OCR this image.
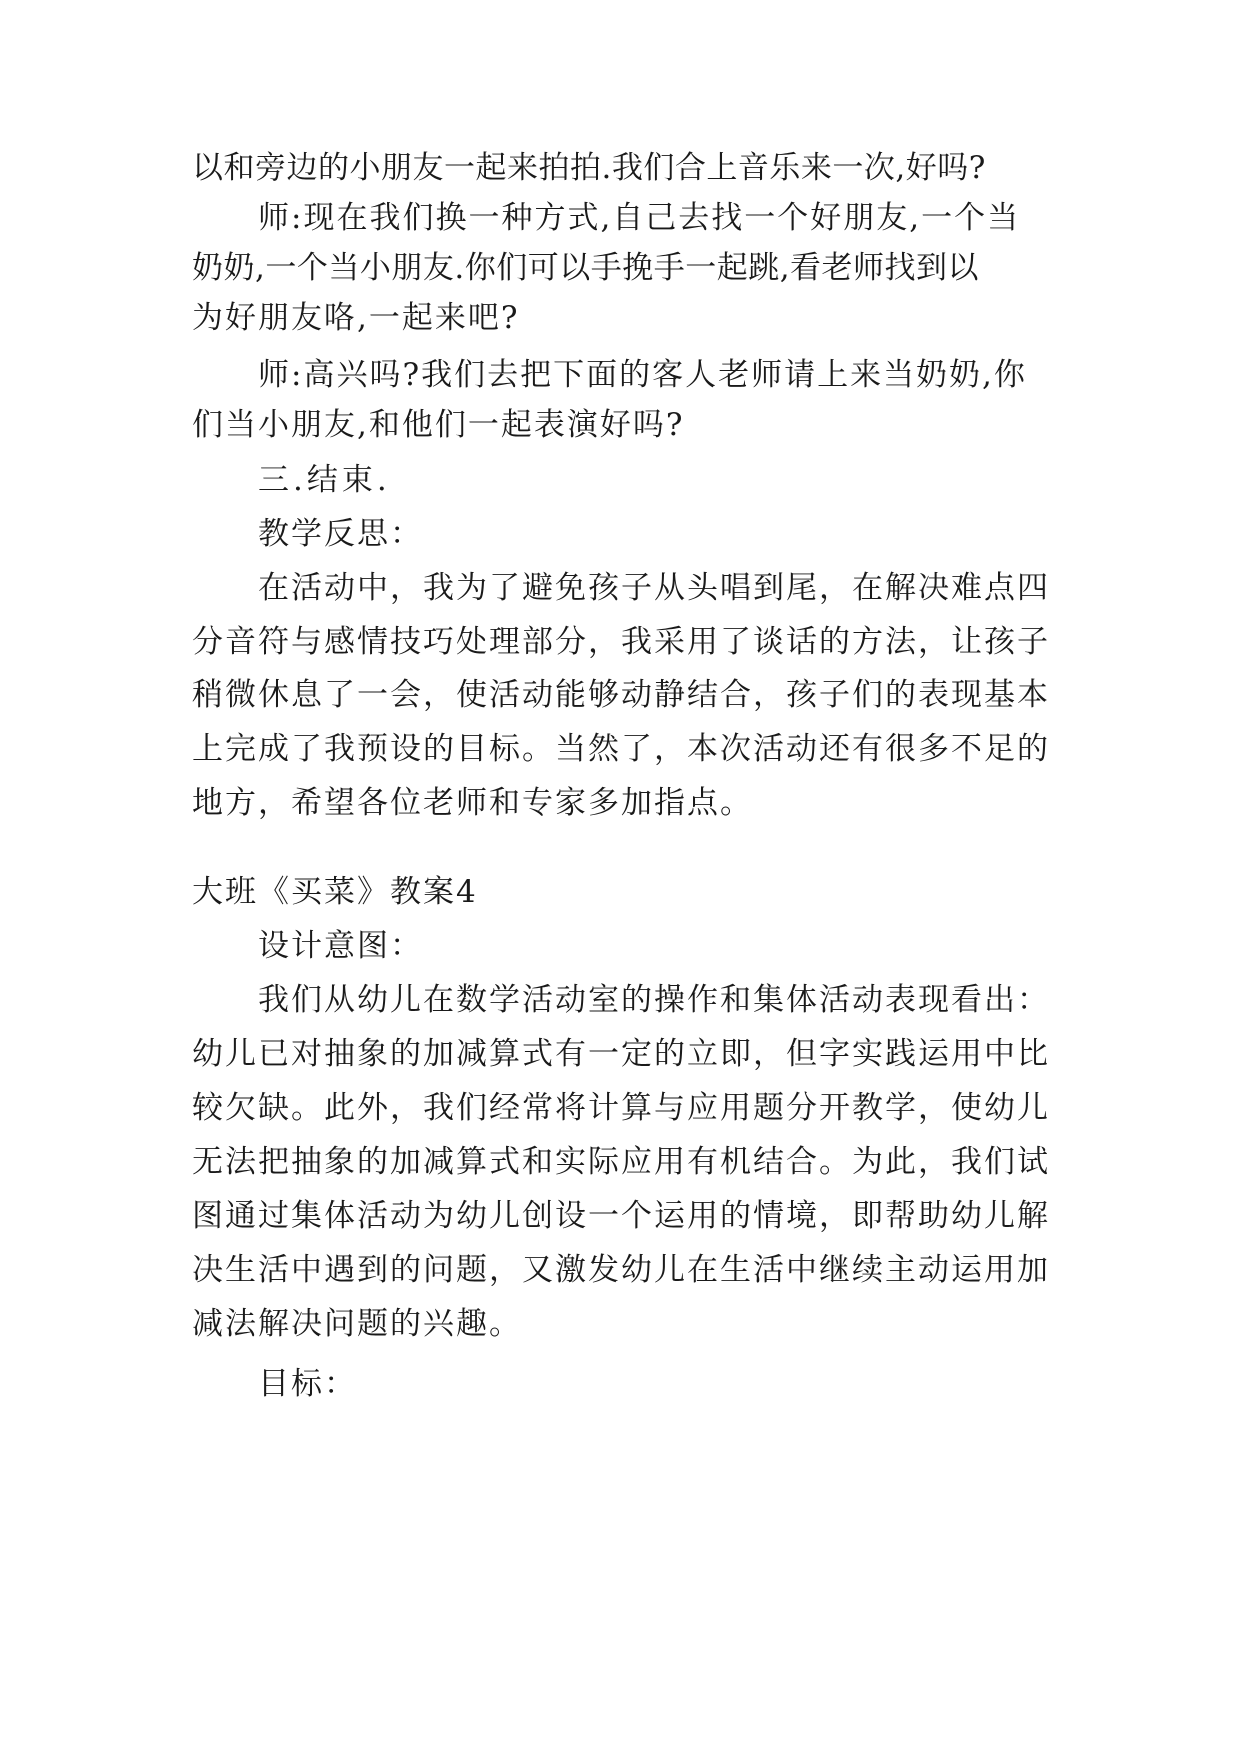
以和旁边的小朋友一起来拍拍.我们合上音乐来一次,好吗?
师:现在我们换一种方式,自己去找一个好朋友,一个当
奶奶,一个当小朋友.你们可以手挽手一起跳,看老师找到以
为好朋友咯,一起来吧?
师:高兴吗?我们去把下面的客人老师请上来当奶奶,你
们当小朋友,和他们一起表演好吗?
三.结束.
教学反思：
在活动中，我为了避免孩子从头唱到尾，在解决难点四
分音符与感情技巧处理部分，我采用了谈话的方法，让孩子
稍微休息了一会，使活动能够动静结合，孩子们的表现基本
上完成了我预设的目标。当然了，本次活动还有很多不足的
地方，希望各位老师和专家多加指点。
大班《买菜》教案4
设计意图：
我们从幼儿在数学活动室的操作和集体活动表现看出：
幼儿已对抽象的加减算式有一定的立即，但字实践运用中比
较欠缺。此外，我们经常将计算与应用题分开教学，使幼儿
无法把抽象的加减算式和实际应用有机结合。为此，我们试
图通过集体活动为幼儿创设一个运用的情境，即帮助幼儿解
决生活中遇到的问题，又激发幼儿在生活中继续主动运用加
减法解决问题的兴趣。
目标：
